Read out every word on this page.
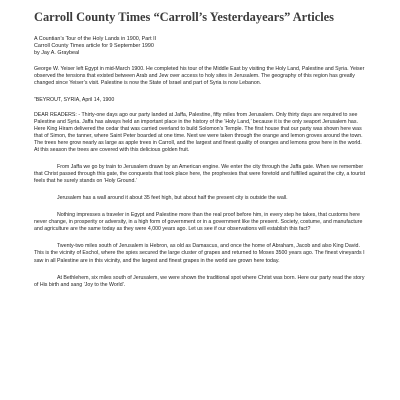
Carroll County Times “Carroll’s Yesterdayears” Articles
A Countian’s Tour of the Holy Lands in 1900, Part II
Carroll County Times article for 9 September 1990
by Jay A. Graybeal

George W. Yeiser left Egypt in mid-March 1900. He completed his tour of the Middle East by visiting the Holy Land, Palestine and Syria. Yeiser observed the tensions that existed between Arab and Jew over access to holy sites in Jerusalem. The geography of this region has greatly changed since Yeiser’s visit. Palestine is now the State of Israel and part of Syria is now Lebanon.

“BEYROUT, SYRIA, April 14, 1900

DEAR READERS: - Thirty-one days ago our party landed at Jaffa, Palestine, fifty miles from Jerusalem. Only thirty days are required to see Palestine and Syria. Jaffa has always held an important place in the history of the ‘Holy Land,’ because it is the only seaport Jerusalem has. Here King Hiram delivered the cedar that was carried overland to build Solomon’s Temple. The first house that our party was shown here was that of Simon, the tanner, where Saint Peter boarded at one time. Next we were taken through the orange and lemon groves around the town. The trees here grow nearly as large as apple trees in Carroll, and the largest and finest quality of oranges and lemons grow here in the world. At this season the trees are covered with this delicious golden fruit.

From Jaffa we go by train to Jerusalem drawn by an American engine. We enter the city through the Jaffa gate. When we remember that Christ passed through this gate, the conquests that took place here, the prophesies that were foretold and fulfilled against the city, a tourist feels that he surely stands on ‘Holy Ground.’

Jerusalem has a wall around it about 35 feet high, but about half the present city is outside the wall.

Nothing impresses a traveler in Egypt and Palestine more than the real proof before him, in every step he takes, that customs here never change, in prosperity or adversity, in a high form of government or in a government like the present. Society, costume, and manufacture and agriculture are the same today as they were 4,000 years ago. Let us see if our observations will establish this fact?

Twenty-two miles south of Jerusalem is Hebron, as old as Damascus, and once the home of Abraham, Jacob and also King David. This is the vicinity of Eschol, where the spies secured the large cluster of grapes and returned to Moses 3500 years ago. The finest vineyards I saw in all Palestine are in this vicinity, and the largest and finest grapes in the world are grown here today.

At Bethlehem, six miles south of Jerusalem, we were shown the traditional spot where Christ was born. Here our party read the story of His birth and sang ‘Joy to the World’.
